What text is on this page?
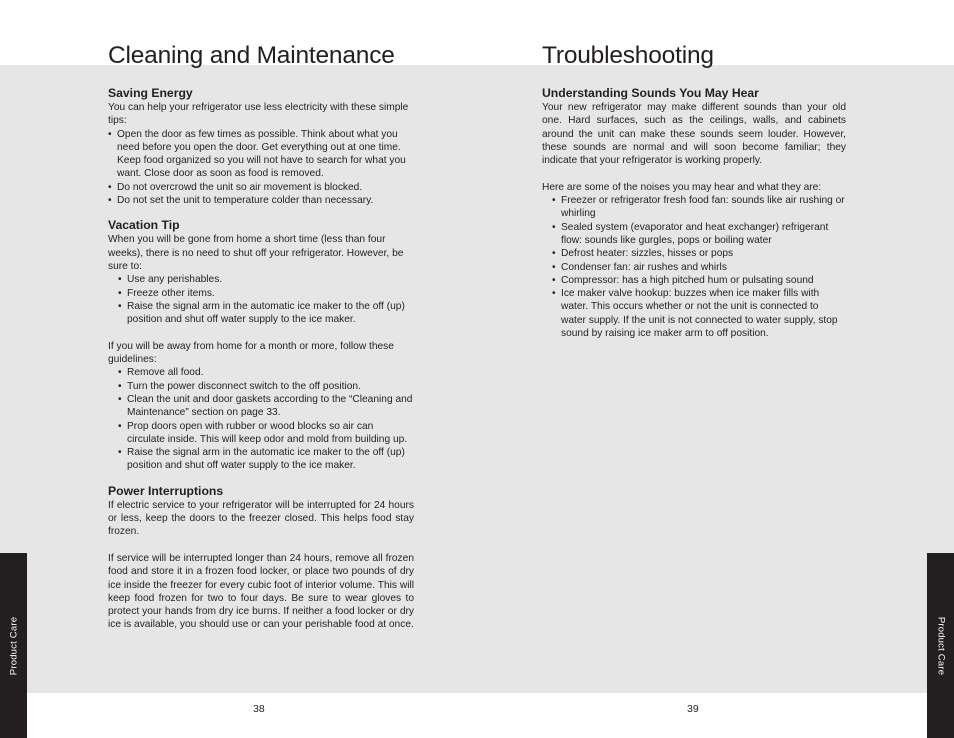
Product Care	Product Care
Cleaning and Maintenance
Saving Energy

You can help your refrigerator use less electricity with these simple tips:

• Open the door as few times as possible. Think about what you need before you open the door. Get everything out at one time. Keep food organized so you will not have to search for what you want. Close door as soon as food is removed.
• Do not overcrowd the unit so air movement is blocked.
• Do not set the unit to temperature colder than necessary.
Vacation Tip

When you will be gone from home a short time (less than four weeks), there is no need to shut off your refrigerator. However, be sure to:

• Use any perishables.
• Freeze other items.
• Raise the signal arm in the automatic ice maker to the off (up) position and shut off water supply to the ice maker.

If you will be away from home for a month or more, follow these guidelines:

• Remove all food.
• Turn the power disconnect switch to the off position.
• Clean the unit and door gaskets according to the “Cleaning and Maintenance” section on page 33.
• Prop doors open with rubber or wood blocks so air can circulate inside. This will keep odor and mold from building up.
• Raise the signal arm in the automatic ice maker to the off (up) position and shut off water supply to the ice maker.
Power Interruptions

If electric service to your refrigerator will be interrupted for 24 hours or less, keep the doors to the freezer closed. This helps food stay frozen.

If service will be interrupted longer than 24 hours, remove all frozen food and store it in a frozen food locker, or place two pounds of dry ice inside the freezer for every cubic foot of interior volume. This will keep food frozen for two to four days. Be sure to wear gloves to protect your hands from dry ice burns. If neither a food locker or dry ice is available, you should use or can your perishable food at once.

38
Troubleshooting
Understanding Sounds You May Hear

Your new refrigerator may make different sounds than your old one. Hard surfaces, such as the ceilings, walls, and cabinets around the unit can make these sounds seem louder. However, these sounds are normal and will soon become familiar; they indicate that your refrigerator is working properly.

Here are some of the noises you may hear and what they are:

• Freezer or refrigerator fresh food fan: sounds like air rushing or whirling
• Sealed system (evaporator and heat exchanger) refrigerant flow: sounds like gurgles, pops or boiling water
• Defrost heater: sizzles, hisses or pops
• Condenser fan: air rushes and whirls
• Compressor: has a high pitched hum or pulsating sound
• Ice maker valve hookup: buzzes when ice maker fills with water. This occurs whether or not the unit is connected to water supply. If the unit is not connected to water supply, stop sound by raising ice maker arm to off position.
39
